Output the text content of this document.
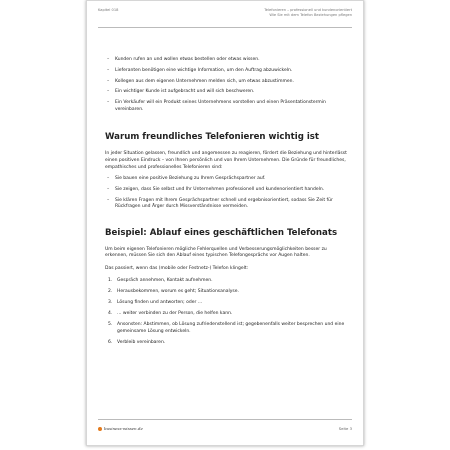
Kapitel 018	Telefonieren – professionell und kundenorientiert
Wie Sie mit dem Telefon Beziehungen pflegen
– Kunden rufen an und wollen etwas bestellen oder etwas wissen.
– Lieferanten benötigen eine wichtige Information, um den Auftrag abzuwickeln.
– Kollegen aus dem eigenen Unternehmen melden sich, um etwas abzustimmen.
– Ein wichtiger Kunde ist aufgebracht und will sich beschweren.
– Ein Verkäufer will ein Produkt seines Unternehmens vorstellen und einen Präsentationstermin vereinbaren.
Warum freundliches Telefonieren wichtig ist

In jeder Situation gelassen, freundlich und angemessen zu reagieren, fördert die Beziehung und hinterlässt einen positiven Eindruck – von Ihnen persönlich und von Ihrem Unternehmen. Die Gründe für freundliches, empathisches und professionelles Telefonieren sind:

– Sie bauen eine positive Beziehung zu Ihrem Gesprächspartner auf.
– Sie zeigen, dass Sie selbst und Ihr Unternehmen professionell und kundenorientiert handeln.
– Sie klären Fragen mit Ihrem Gesprächspartner schnell und ergebnisorientiert, sodass Sie Zeit für Rückfragen und Ärger durch Missverständnisse vermeiden.
Beispiel: Ablauf eines geschäftlichen Telefonats

Um beim eigenen Telefonieren mögliche Fehlerquellen und Verbesserungsmöglichkeiten besser zu erkennen, müssen Sie sich den Ablauf eines typischen Telefongesprächs vor Augen halten.

Das passiert, wenn das (mobile oder Festnetz-) Telefon klingelt:

1. Gespräch annehmen, Kontakt aufnehmen.
2. Herausbekommen, worum es geht; Situationsanalyse.
3. Lösung finden und antworten; oder …
4. … weiter verbinden zu der Person, die helfen kann.
5. Ansonsten: Abstimmen, ob Lösung zufriedenstellend ist; gegebenenfalls weiter besprechen und eine gemeinsame Lösung entwickeln.
6. Verbleib vereinbaren.
business-wissen.de	Seite 3
